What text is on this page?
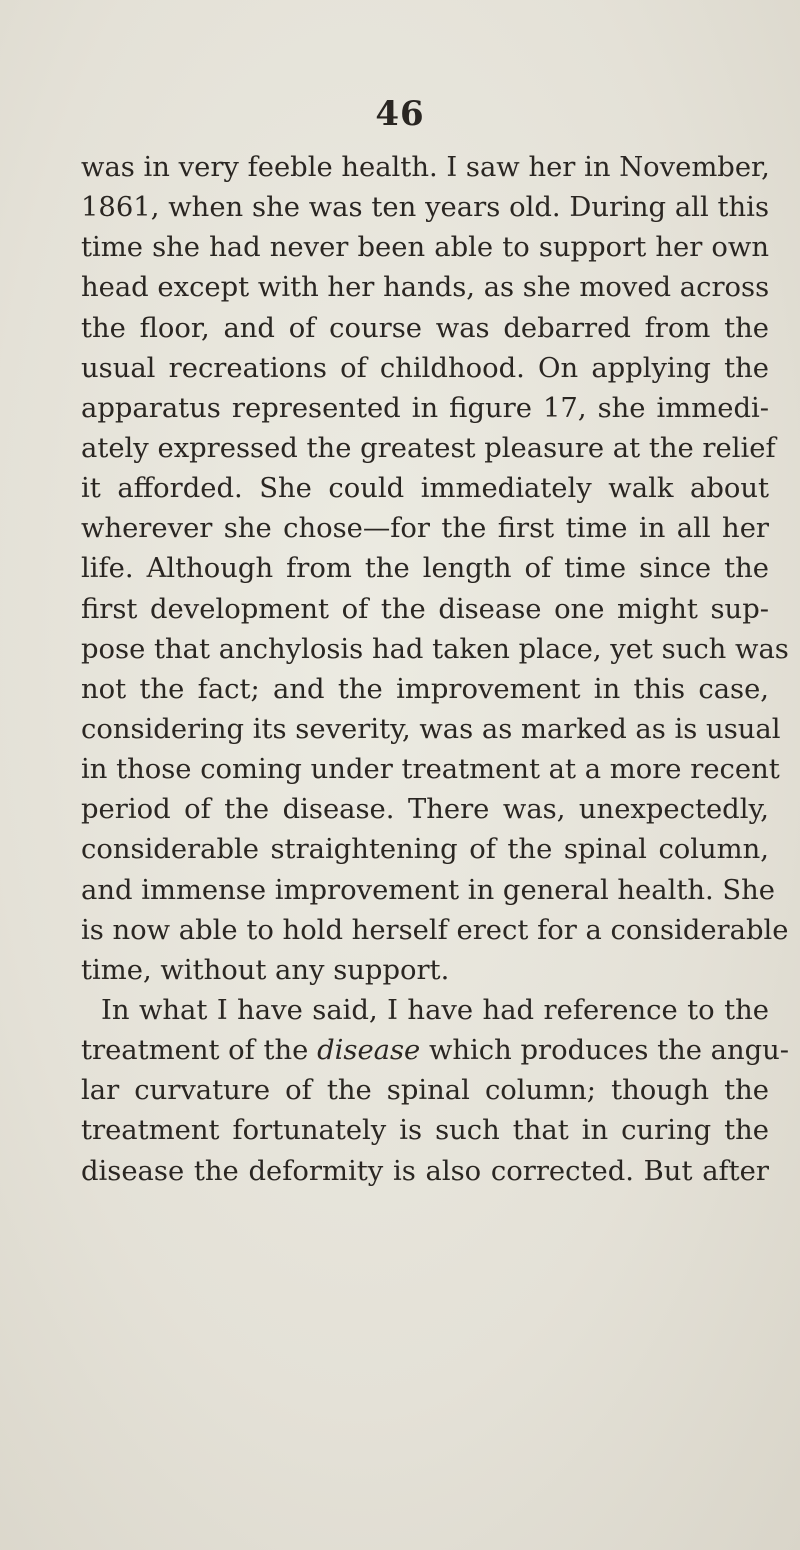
46
was in very feeble health. I saw her in November,
1861, when she was ten years old. During all this
time she had never been able to support her own
head except with her hands, as she moved across
the floor, and of course was debarred from the
usual recreations of childhood. On applying the
apparatus represented in figure 17, she immedi-
ately expressed the greatest pleasure at the relief
it afforded. She could immediately walk about
wherever she chose—for the first time in all her
life. Although from the length of time since the
first development of the disease one might sup-
pose that anchylosis had taken place, yet such was
not the fact; and the improvement in this case,
considering its severity, was as marked as is usual
in those coming under treatment at a more recent
period of the disease. There was, unexpectedly,
considerable straightening of the spinal column,
and immense improvement in general health. She
is now able to hold herself erect for a considerable
time, without any support.
In what I have said, I have had reference to the
treatment of the disease which produces the angu-
lar curvature of the spinal column; though the
treatment fortunately is such that in curing the
disease the deformity is also corrected. But after
